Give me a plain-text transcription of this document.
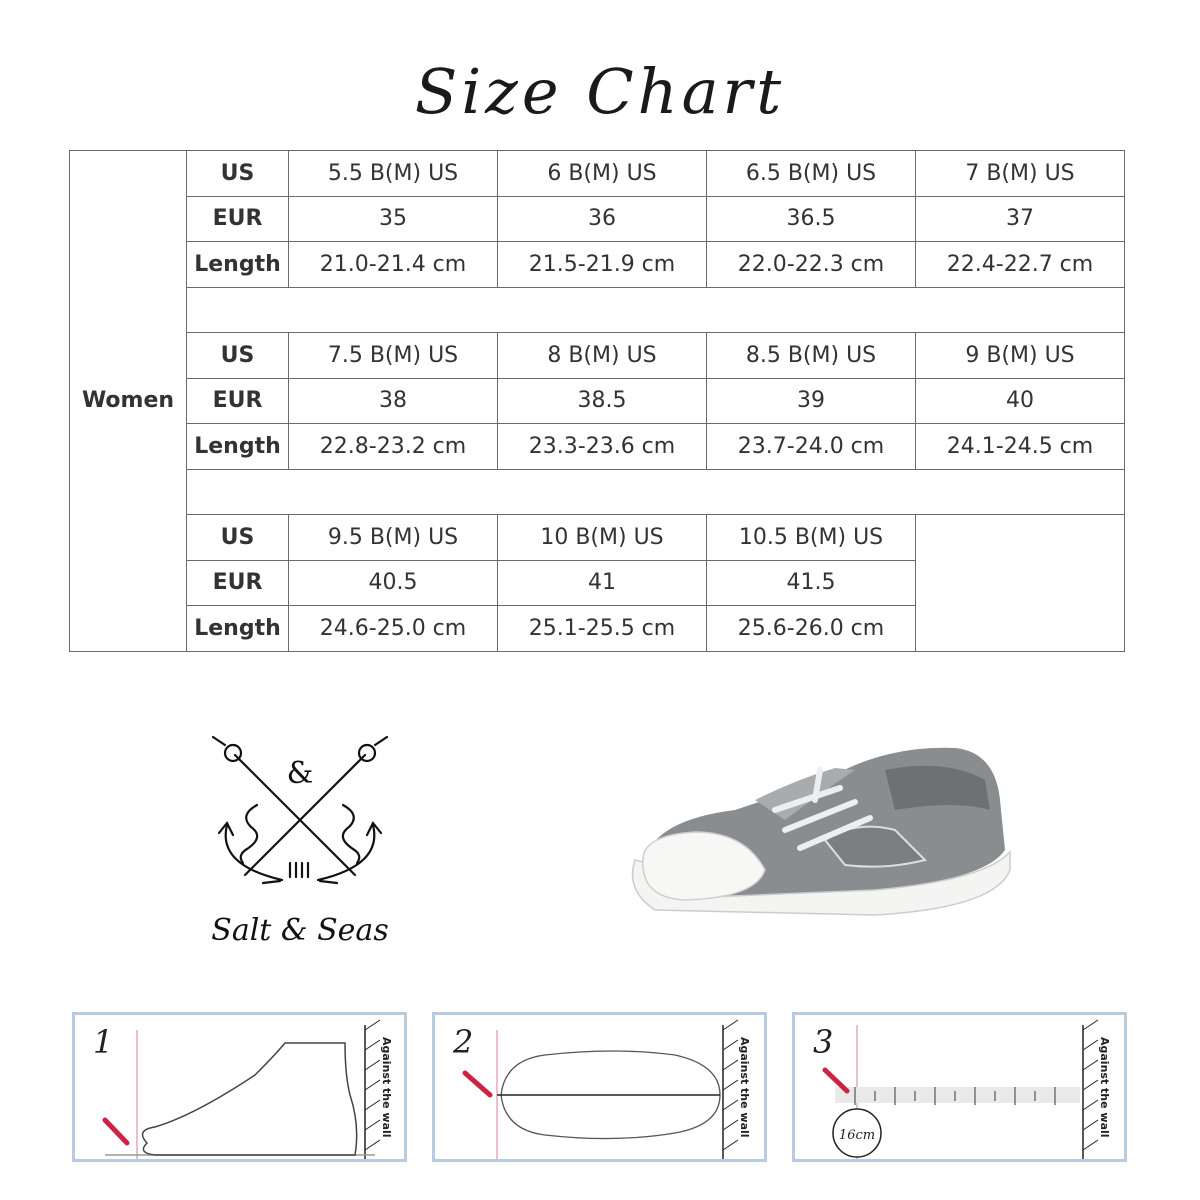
Size Chart
Women	US	5.5 B(M) US	6 B(M) US	6.5 B(M) US	7 B(M) US
	EUR	35	36	36.5	37
	Length	21.0-21.4 cm	21.5-21.9 cm	22.0-22.3 cm	22.4-22.7 cm

	US	7.5 B(M) US	8 B(M) US	8.5 B(M) US	9 B(M) US
	EUR	38	38.5	39	40
	Length	22.8-23.2 cm	23.3-23.6 cm	23.7-24.0 cm	24.1-24.5 cm

	US	9.5 B(M) US	10 B(M) US	10.5 B(M) US	
	EUR	40.5	41	41.5	
	Length	24.6-25.0 cm	25.1-25.5 cm	25.6-26.0 cm	
&
Salt & Seas
1	Against the wall 2	Against the wall	16cm
3	Against the wall
